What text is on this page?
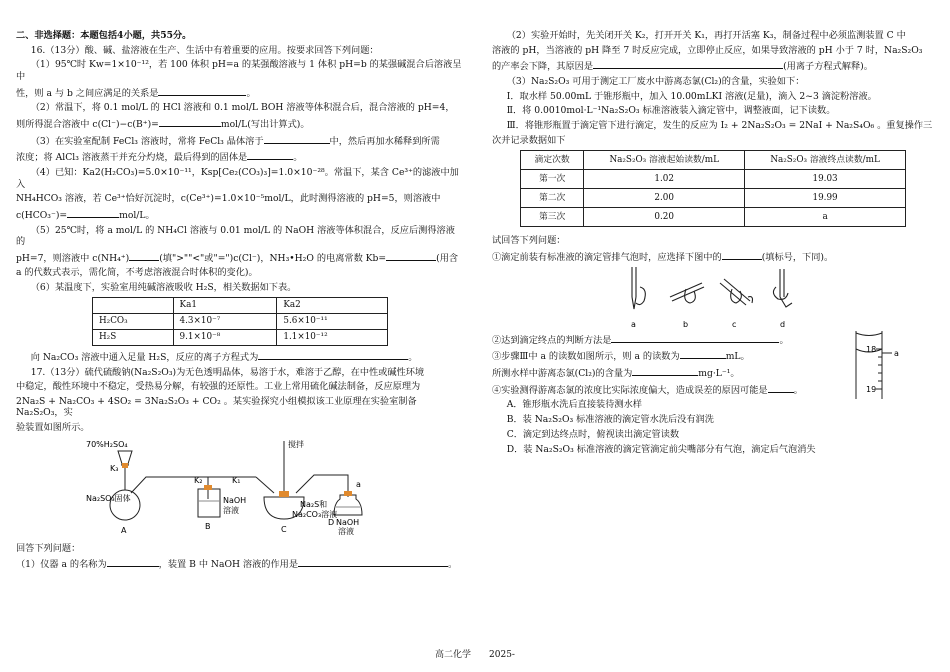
二、非选择题：本题包括4小题，共55分。

16.（13分）酸、碱、盐溶液在生产、生活中有着重要的应用。按要求回答下列问题：

（1）95℃时 Kw=1×10⁻¹²，若 100 体积 pH=a 的某强酸溶液与 1 体积 pH=b 的某强碱混合后溶液呈中

性，则 a 与 b 之间应满足的关系是	。

（2）常温下，将 0.1 mol/L 的 HCl 溶液和 0.1 mol/L BOH 溶液等体积混合后，混合溶液的 pH=4，

则所得混合溶液中 c(Cl⁻)−c(B⁺)=	mol/L(写出计算式)。

（3）在实验室配制 FeCl₃ 溶液时，常将 FeCl₃ 晶体溶于	中，然后再加水稀释到所需

浓度；将 AlCl₃ 溶液蒸干并充分灼烧，最后得到的固体是	。

（4）已知：Ka2(H₂CO₃)=5.0×10⁻¹¹，Ksp[Ce₂(CO₃)₃]=1.0×10⁻²⁸。常温下，某含 Ce³⁺的滤液中加入

NH₄HCO₃ 溶液，若 Ce³⁺恰好沉淀时，c(Ce³⁺)=1.0×10⁻⁵mol/L，此时测得溶液的 pH=5，则溶液中

c(HCO₃⁻)=	mol/L。

（5）25℃时，将 a mol/L 的 NH₄Cl 溶液与 0.01 mol/L 的 NaOH 溶液等体积混合，反应后测得溶液的

pH=7，则溶液中 c(NH₄⁺)	(填">""<"或"=")c(Cl⁻)，NH₃•H₂O 的电离常数 Kb=	(用含

a 的代数式表示，需化简，不考虑溶液混合时体积的变化)。

（6）某温度下，实验室用纯碱溶液吸收 H₂S，相关数据如下表。

	Ka1	Ka2
H₂CO₃	4.3×10⁻⁷	5.6×10⁻¹¹
H₂S	9.1×10⁻⁸	1.1×10⁻¹²

向 Na₂CO₃ 溶液中通入足量 H₂S，反应的离子方程式为	。

17.（13分）硫代硫酸钠(Na₂S₂O₃)为无色透明晶体，易溶于水，难溶于乙醇，在中性或碱性环境

中稳定，酸性环境中不稳定，受热易分解，有较强的还原性。工业上常用硫化碱法制备，反应原理为

2Na₂S + Na₂CO₃ + 4SO₂ = 3Na₂S₂O₃ + CO₂ 。某实验探究小组模拟该工业原理在实验室制备 Na₂S₂O₃，实

验装置如图所示。

70%H₂SO₄
K₃
K₂	K₁
搅拌
Na₂SO₃固体	NaOH
溶液
Na₂S和
Na₂CO₃溶液
NaOH
溶液
a
A	B	C
D

回答下列问题：

（1）仪器 a 的名称为	，装置 B 中 NaOH 溶液的作用是	。

（2）实验开始时，先关闭开关 K₂，打开开关 K₁，再打开活塞 K₃，制备过程中必须监测装置 C 中

溶液的 pH，当溶液的 pH 降至 7 时反应完成，立即停止反应，如果导致溶液的 pH 小于 7 时，Na₂S₂O₃

的产率会下降，其原因是	(用离子方程式解释)。

（3）Na₂S₂O₃ 可用于测定工厂废水中游离态氯(Cl₂)的含量，实验如下：

Ⅰ．取水样 50.00mL 于锥形瓶中，加入 10.00mLKI 溶液(足量)，滴入 2~3 滴淀粉溶液。

Ⅱ．将 0.0010mol·L⁻¹Na₂S₂O₃ 标准溶液装入滴定管中，调整液面，记下读数。

Ⅲ．将锥形瓶置于滴定管下进行滴定，发生的反应为 I₂ + 2Na₂S₂O₃ = 2NaI + Na₂S₄O₆ 。重复操作三

次并记录数据如下

滴定次数	Na₂S₂O₃ 溶液起始读数/mL	Na₂S₂O₃ 溶液终点读数/mL
第一次	1.02	19.03
第二次	2.00	19.99
第三次	0.20	a

试回答下列问题：

①滴定前装有标准液的滴定管排气泡时，应选择下图中的	(填标号，下同)。

a	b	c	d

②达到滴定终点的判断方法是	。

③步骤Ⅲ中 a 的读数如图所示，则 a 的读数为	mL。

所测水样中游离态氯(Cl₂)的含量为	mg·L⁻¹。

④实验测得游离态氯的浓度比实际浓度偏大，造成误差的原因可能是	。

18
19
a

A．锥形瓶水洗后直接装待测水样

B．装 Na₂S₂O₃ 标准溶液的滴定管水洗后没有润洗

C．滴定到达终点时，俯视读出滴定管读数

D．装 Na₂S₂O₃ 标准溶液的滴定管滴定前尖嘴部分有气泡，滴定后气泡消失

高二化学　　2025-
